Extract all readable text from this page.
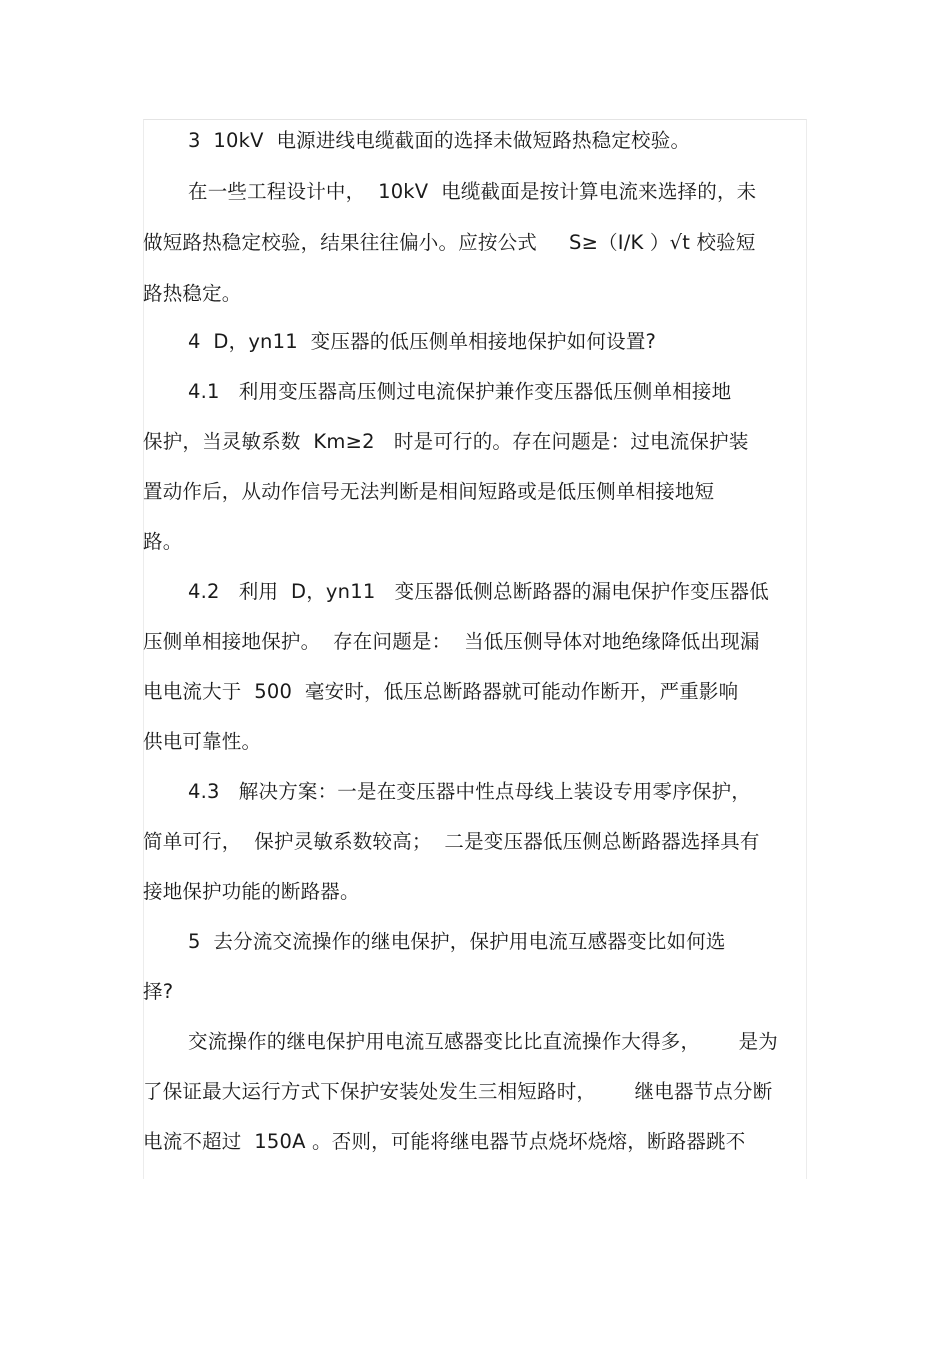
3  10kV  电源进线电缆截面的选择未做短路热稳定校验。
在一些工程设计中，  10kV  电缆截面是按计算电流来选择的，未
做短路热稳定校验，结果往往偏小。应按公式     S≥（I/K ）√t 校验短
路热稳定。
4  D，yn11  变压器的低压侧单相接地保护如何设置?
4.1   利用变压器高压侧过电流保护兼作变压器低压侧单相接地
保护，当灵敏系数  Km≥2   时是可行的。存在问题是：过电流保护装
置动作后，从动作信号无法判断是相间短路或是低压侧单相接地短
路。
4.2   利用  D，yn11   变压器低侧总断路器的漏电保护作变压器低
压侧单相接地保护。  存在问题是：  当低压侧导体对地绝缘降低出现漏
电电流大于  500  毫安时，低压总断路器就可能动作断开，严重影响
供电可靠性。
4.3   解决方案：一是在变压器中性点母线上装设专用零序保护，
简单可行，  保护灵敏系数较高；  二是变压器低压侧总断路器选择具有
接地保护功能的断路器。
5  去分流交流操作的继电保护，保护用电流互感器变比如何选
择?
交流操作的继电保护用电流互感器变比比直流操作大得多，      是为
了保证最大运行方式下保护安装处发生三相短路时，      继电器节点分断
电流不超过  150A 。否则，可能将继电器节点烧坏烧熔，断路器跳不
